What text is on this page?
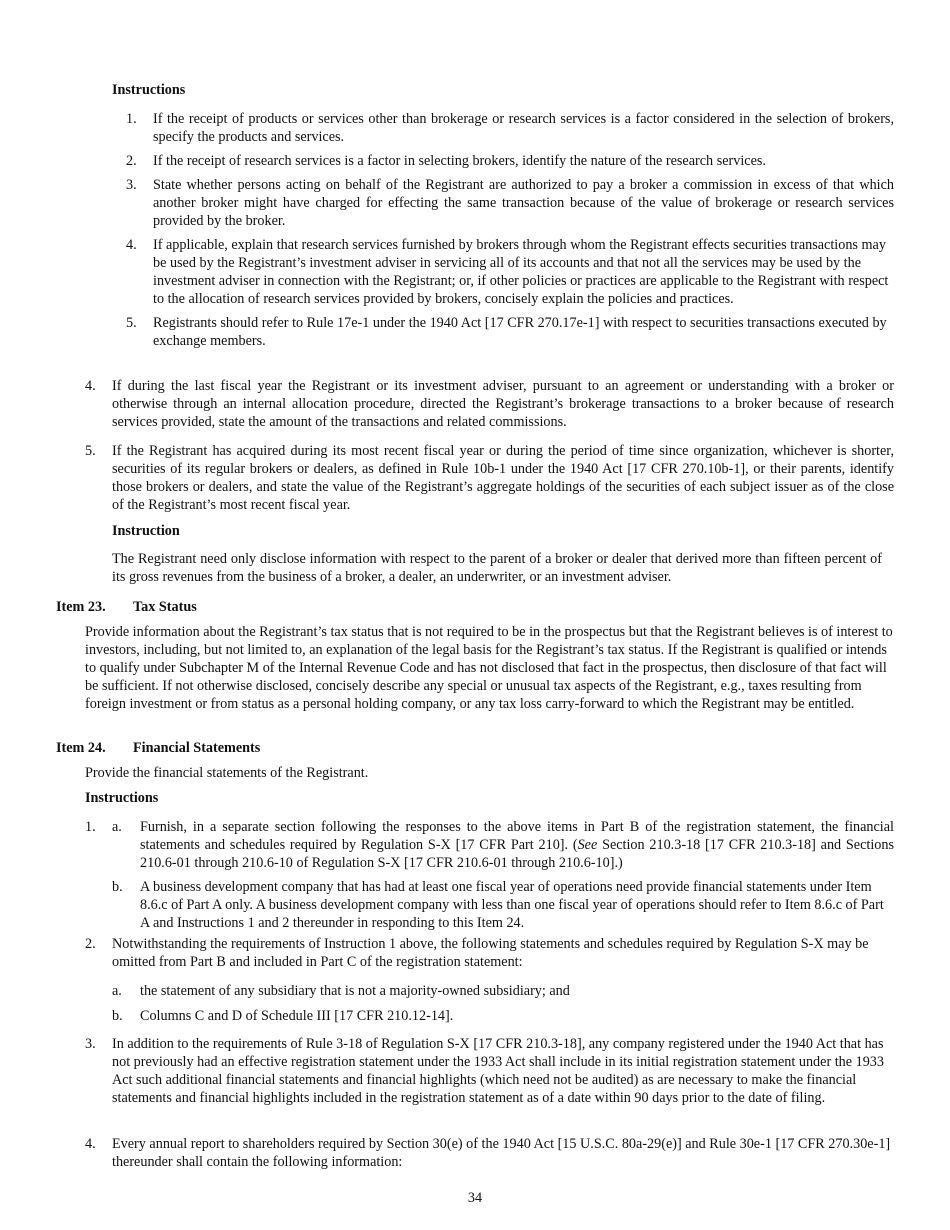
Instructions
1. If the receipt of products or services other than brokerage or research services is a factor considered in the selection of brokers, specify the products and services.
2. If the receipt of research services is a factor in selecting brokers, identify the nature of the research services.
3. State whether persons acting on behalf of the Registrant are authorized to pay a broker a commission in excess of that which another broker might have charged for effecting the same transaction because of the value of brokerage or research services provided by the broker.
4. If applicable, explain that research services furnished by brokers through whom the Registrant effects securities transactions may be used by the Registrant’s investment adviser in servicing all of its accounts and that not all the services may be used by the investment adviser in connection with the Registrant; or, if other policies or practices are applicable to the Registrant with respect to the allocation of research services provided by brokers, concisely explain the policies and practices.
5. Registrants should refer to Rule 17e-1 under the 1940 Act [17 CFR 270.17e-1] with respect to securities transactions executed by exchange members.
4. If during the last fiscal year the Registrant or its investment adviser, pursuant to an agreement or understanding with a broker or otherwise through an internal allocation procedure, directed the Registrant’s brokerage transactions to a broker because of research services provided, state the amount of the transactions and related commissions.
5. If the Registrant has acquired during its most recent fiscal year or during the period of time since organization, whichever is shorter, securities of its regular brokers or dealers, as defined in Rule 10b-1 under the 1940 Act [17 CFR 270.10b-1], or their parents, identify those brokers or dealers, and state the value of the Registrant’s aggregate holdings of the securities of each subject issuer as of the close of the Registrant’s most recent fiscal year.
Instruction
The Registrant need only disclose information with respect to the parent of a broker or dealer that derived more than fifteen percent of its gross revenues from the business of a broker, a dealer, an underwriter, or an investment adviser.
Item 23. Tax Status
Provide information about the Registrant’s tax status that is not required to be in the prospectus but that the Registrant believes is of interest to investors, including, but not limited to, an explanation of the legal basis for the Registrant’s tax status. If the Registrant is qualified or intends to qualify under Subchapter M of the Internal Revenue Code and has not disclosed that fact in the prospectus, then disclosure of that fact will be sufficient. If not otherwise disclosed, concisely describe any special or unusual tax aspects of the Registrant, e.g., taxes resulting from foreign investment or from status as a personal holding company, or any tax loss carry-forward to which the Registrant may be entitled.
Item 24. Financial Statements
Provide the financial statements of the Registrant.
Instructions
1. a. Furnish, in a separate section following the responses to the above items in Part B of the registration statement, the financial statements and schedules required by Regulation S-X [17 CFR Part 210]. (See Section 210.3-18 [17 CFR 210.3-18] and Sections 210.6-01 through 210.6-10 of Regulation S-X [17 CFR 210.6-01 through 210.6-10].)
b. A business development company that has had at least one fiscal year of operations need provide financial statements under Item 8.6.c of Part A only. A business development company with less than one fiscal year of operations should refer to Item 8.6.c of Part A and Instructions 1 and 2 thereunder in responding to this Item 24.
2. Notwithstanding the requirements of Instruction 1 above, the following statements and schedules required by Regulation S-X may be omitted from Part B and included in Part C of the registration statement:
a. the statement of any subsidiary that is not a majority-owned subsidiary; and
b. Columns C and D of Schedule III [17 CFR 210.12-14].
3. In addition to the requirements of Rule 3-18 of Regulation S-X [17 CFR 210.3-18], any company registered under the 1940 Act that has not previously had an effective registration statement under the 1933 Act shall include in its initial registration statement under the 1933 Act such additional financial statements and financial highlights (which need not be audited) as are necessary to make the financial statements and financial highlights included in the registration statement as of a date within 90 days prior to the date of filing.
4. Every annual report to shareholders required by Section 30(e) of the 1940 Act [15 U.S.C. 80a-29(e)] and Rule 30e-1 [17 CFR 270.30e-1] thereunder shall contain the following information:
34
